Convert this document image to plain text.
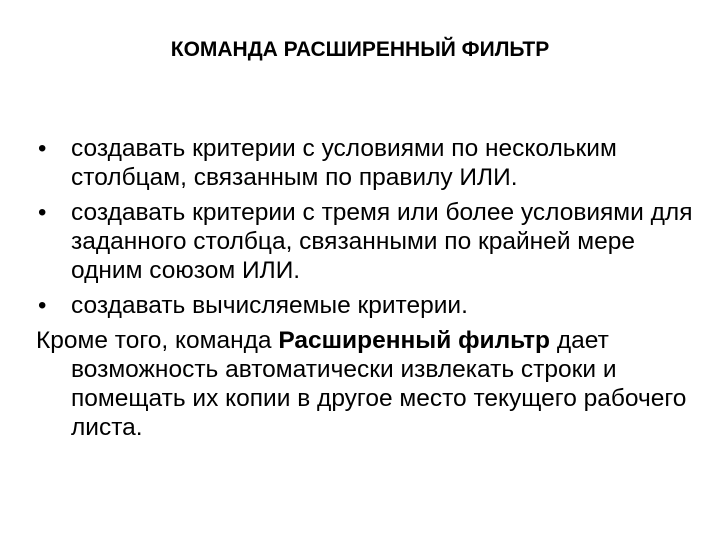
КОМАНДА РАСШИРЕННЫЙ ФИЛЬТР
• создавать критерии с условиями по нескольким столбцам, связанным по правилу ИЛИ.
• создавать критерии с тремя или более условиями для заданного столбца, связанными по крайней мере одним союзом ИЛИ.
• создавать вычисляемые критерии.

Кроме того, команда Расширенный фильтр дает возможность автоматически извлекать строки и помещать их копии в другое место текущего рабочего листа.
